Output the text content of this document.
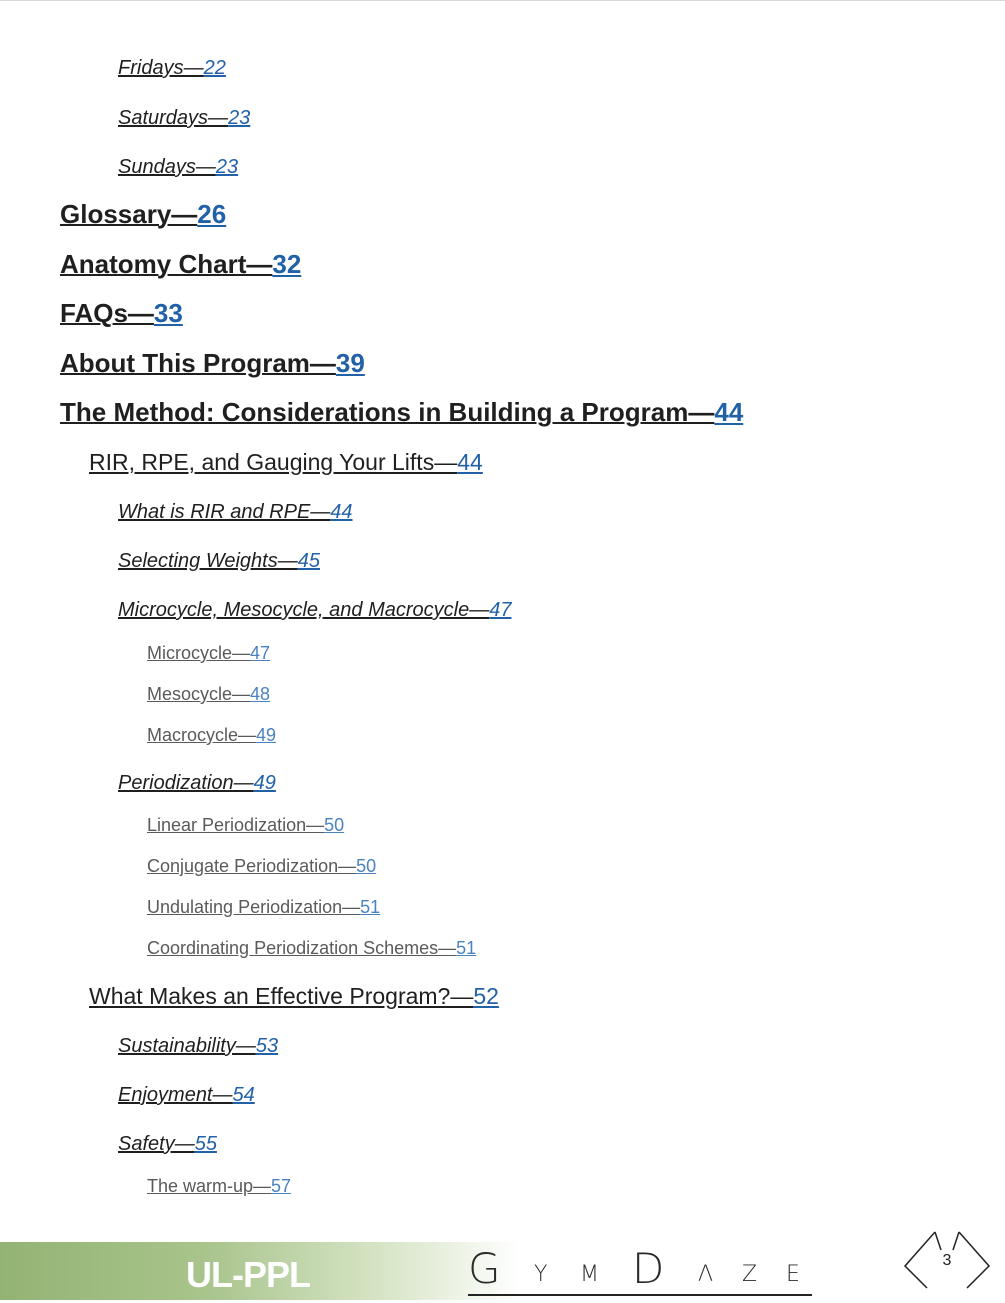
Fridays—22
Saturdays—23
Sundays—23
Glossary—26
Anatomy Chart—32
FAQs—33
About This Program—39
The Method: Considerations in Building a Program—44
RIR, RPE, and Gauging Your Lifts—44
What is RIR and RPE—44
Selecting Weights—45
Microcycle, Mesocycle, and Macrocycle—47
Microcycle—47
Mesocycle—48
Macrocycle—49
Periodization—49
Linear Periodization—50
Conjugate Periodization—50
Undulating Periodization—51
Coordinating Periodization Schemes—51
What Makes an Effective Program?—52
Sustainability—53
Enjoyment—54
Safety—55
The warm-up—57
UL-PPL	G Y M D Λ Z E
3
